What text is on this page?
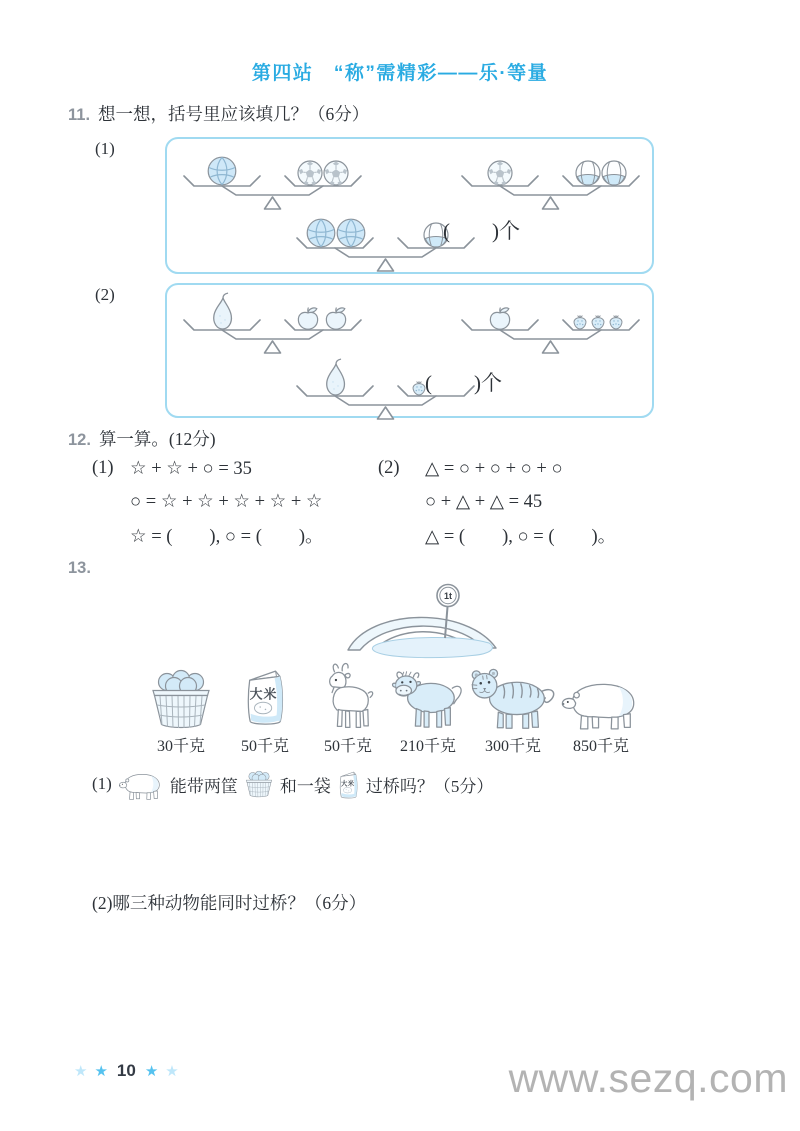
第四站　“称”需精彩——乐·等量
11. 想一想，括号里应该填几？（6分）
(1)
(　　)个
(2)
(　　)个
12. 算一算。(12分)
(1) ☆ + ☆ + ○ = 35
○ = ☆ + ☆ + ☆ + ☆ + ☆
☆ = (　　), ○ = (　　)。
(2)	△ = ○ + ○ + ○ + ○
○ + △ + △ = 45
△ = (　　), ○ = (　　)。
13.
30千克 50千克 50千克 210千克 300千克 850千克
(1)	能带两筐 和一袋 过桥吗？（5分）
(2)哪三种动物能同时过桥？（6分）
★ ★ 10 ★ ★	www.sezq.com
